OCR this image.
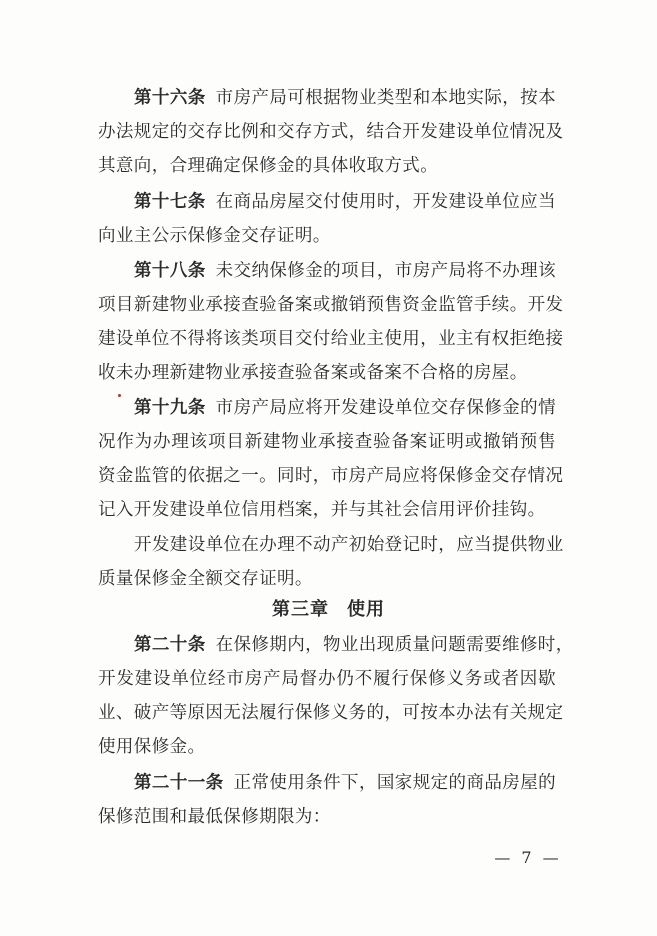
第十六条 市房产局可根据物业类型和本地实际，按本
办法规定的交存比例和交存方式，结合开发建设单位情况及
其意向，合理确定保修金的具体收取方式。
第十七条 在商品房屋交付使用时，开发建设单位应当
向业主公示保修金交存证明。
第十八条 未交纳保修金的项目，市房产局将不办理该
项目新建物业承接查验备案或撤销预售资金监管手续。开发
建设单位不得将该类项目交付给业主使用，业主有权拒绝接
收未办理新建物业承接查验备案或备案不合格的房屋。
第十九条 市房产局应将开发建设单位交存保修金的情
况作为办理该项目新建物业承接查验备案证明或撤销预售
资金监管的依据之一。同时，市房产局应将保修金交存情况
记入开发建设单位信用档案，并与其社会信用评价挂钩。
开发建设单位在办理不动产初始登记时，应当提供物业
质量保修金全额交存证明。
第三章 使用
第二十条 在保修期内，物业出现质量问题需要维修时，
开发建设单位经市房产局督办仍不履行保修义务或者因歇
业、破产等原因无法履行保修义务的，可按本办法有关规定
使用保修金。
第二十一条 正常使用条件下，国家规定的商品房屋的
保修范围和最低保修期限为：
— 7 —
